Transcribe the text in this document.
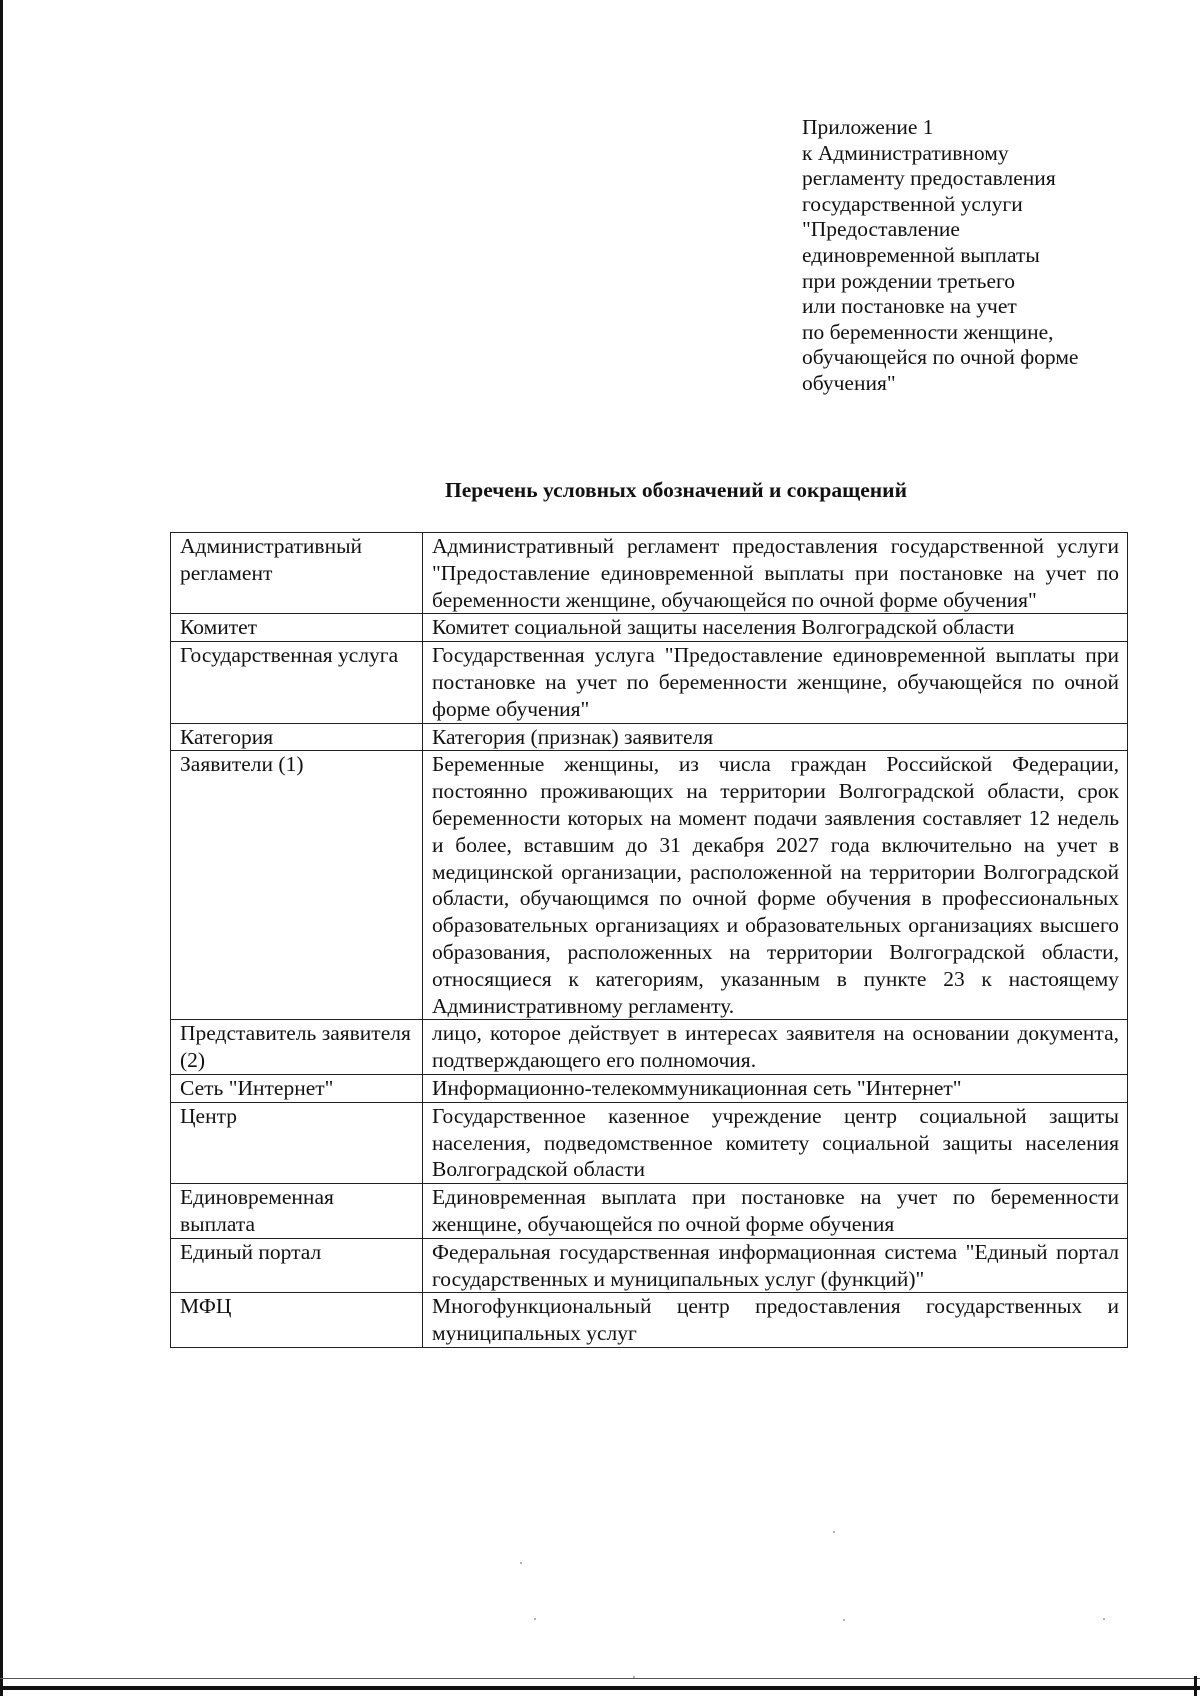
Приложение 1
к Административному
регламенту предоставления
государственной услуги
"Предоставление
единовременной выплаты
при рождении третьего
или постановке на учет
по беременности женщине,
обучающейся по очной форме
обучения"
Перечень условных обозначений и сокращений
Административный регламент	Административный регламент предоставления государственной услуги "Предоставление единовременной выплаты при постановке на учет по беременности женщине, обучающейся по очной форме обучения"
Комитет	Комитет социальной защиты населения Волгоградской области
Государственная услуга	Государственная услуга "Предоставление единовременной выплаты при постановке на учет по беременности женщине, обучающейся по очной форме обучения"
Категория	Категория (признак) заявителя
Заявители (1)	Беременные женщины, из числа граждан Российской Федерации, постоянно проживающих на территории Волгоградской области, срок беременности которых на момент подачи заявления составляет 12 недель и более, вставшим до 31 декабря 2027 года включительно на учет в медицинской организации, расположенной на территории Волгоградской области, обучающимся по очной форме обучения в профессиональных образовательных организациях и образовательных организациях высшего образования, расположенных на территории Волгоградской области, относящиеся к категориям, указанным в пункте 23 к настоящему Административному регламенту.
Представитель заявителя (2)	лицо, которое действует в интересах заявителя на основании документа, подтверждающего его полномочия.
Сеть "Интернет"	Информационно-телекоммуникационная сеть "Интернет"
Центр	Государственное казенное учреждение центр социальной защиты населения, подведомственное комитету социальной защиты населения Волгоградской области
Единовременная выплата	Единовременная выплата при постановке на учет по беременности женщине, обучающейся по очной форме обучения
Единый портал	Федеральная государственная информационная система "Единый портал государственных и муниципальных услуг (функций)"
МФЦ	Многофункциональный центр предоставления государственных и муниципальных услуг
